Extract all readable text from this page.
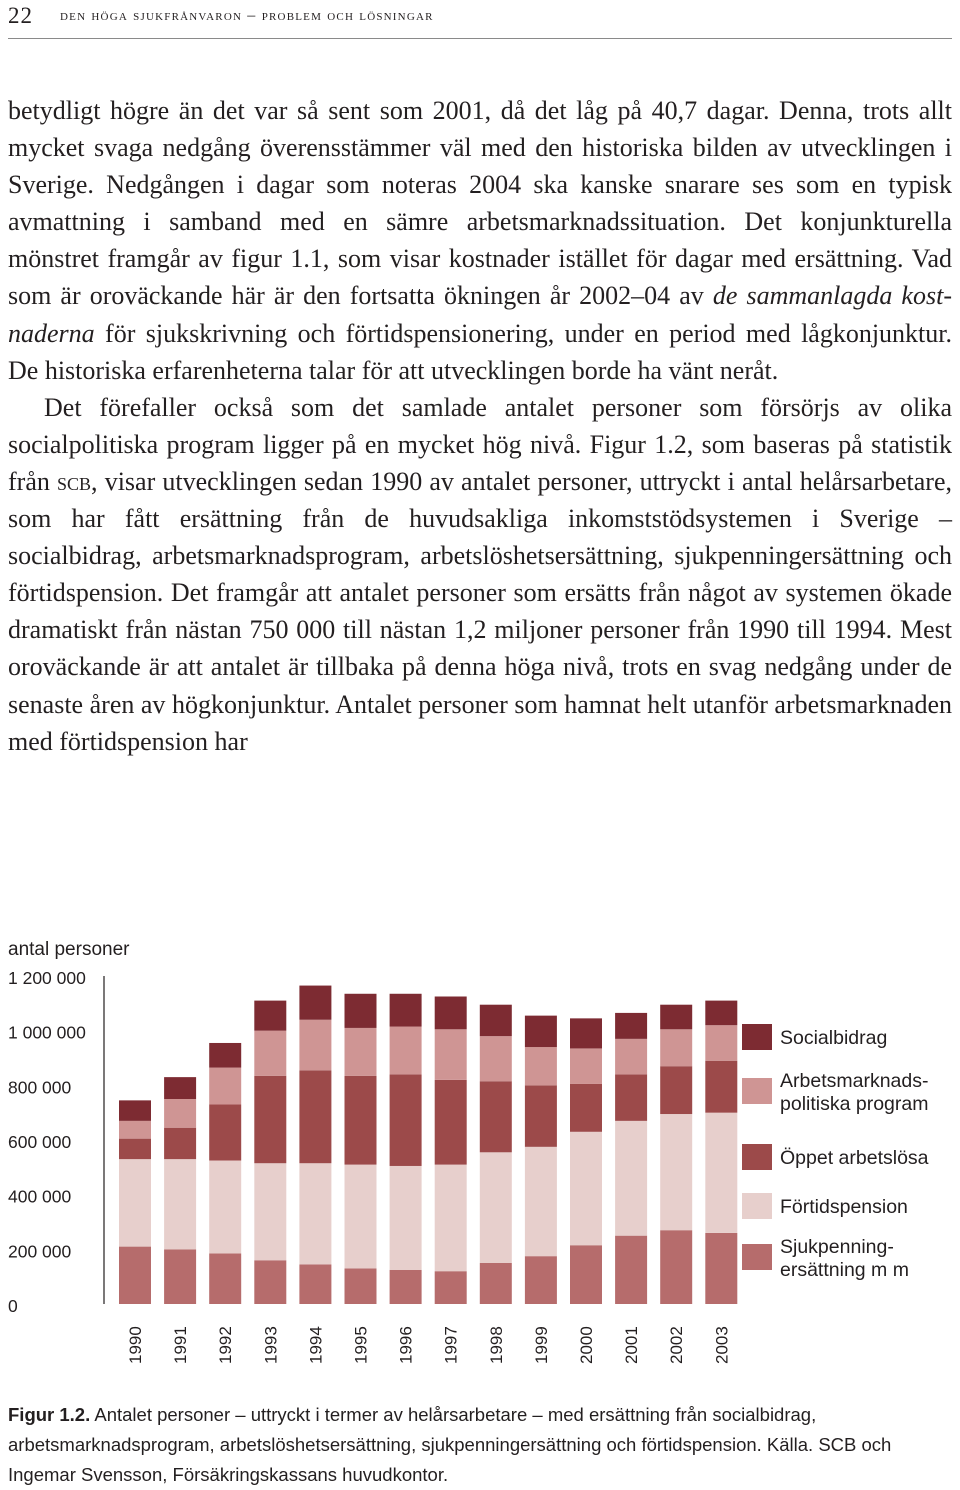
22 den höga sjukfrånvaron – problem och lösningar

betydligt högre än det var så sent som 2001, då det låg på 40,7 dagar. Denna, trots allt mycket svaga nedgång överensstämmer väl med den historiska bilden av utvecklingen i Sverige. Nedgången i dagar som noteras 2004 ska kanske snarare ses som en typisk avmattning i samband med en sämre arbetsmarknadssituation. Det konjunkturella mönstret framgår av figur 1.1, som visar kostnader istället för dagar med ersättning. Vad som är oroväckande här är den fortsatta ökningen år 2002–04 av de sammanlagda kostnaderna för sjukskrivning och förtidspensionering, under en period med lågkonjunktur. De historiska erfarenheterna talar för att utvecklingen borde ha vänt neråt.

Det förefaller också som det samlade antalet personer som försörjs av olika socialpolitiska program ligger på en mycket hög nivå. Figur 1.2, som baseras på statistik från scb, visar utvecklingen sedan 1990 av antalet personer, uttryckt i antal helårsarbetare, som har fått ersättning från de huvudsakliga inkomststödsystemen i Sverige – socialbidrag, arbetsmarknadsprogram, arbetslöshetsersättning, sjukpenningersättning och förtidspension. Det framgår att antalet personer som ersätts från något av systemen ökade dramatiskt från nästan 750 000 till nästan 1,2 miljoner personer från 1990 till 1994. Mest oroväckande är att antalet är tillbaka på denna höga nivå, trots en svag nedgång under de senaste åren av högkonjunktur. Antalet personer som hamnat helt utanför arbetsmarknaden med förtidspension har

antal personer
0
200 000
400 000
600 000
800 000
1 000 000
1 200 000
1990 1991 1992 1993 1994 1995 1996 1997 1998 1999 2000 2001 2002 2003
Socialbidrag
Arbetsmarknads-
politiska program
Öppet arbetslösa
Förtidspension
Sjukpenning-
ersättning m m
Figur 1.2. Antalet personer – uttryckt i termer av helårsarbetare – med ersättning från socialbidrag, arbetsmarknadsprogram, arbetslöshetsersättning, sjukpenningersättning och förtidspension. Källa. SCB och Ingemar Svensson, Försäkringskassans huvudkontor.
